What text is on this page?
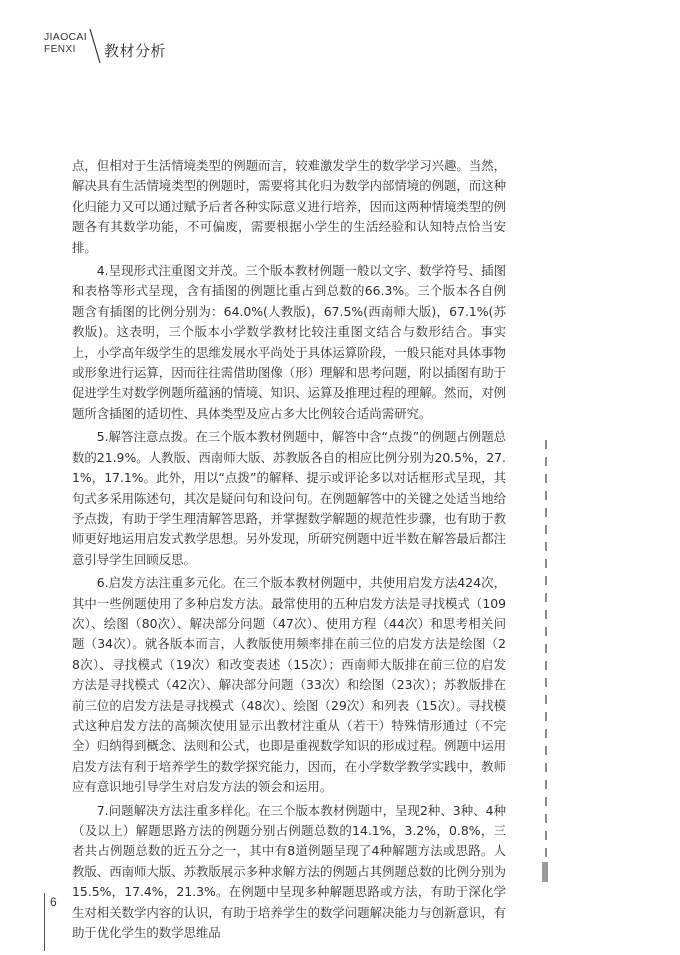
JIAOCAI
FENXI	教材分析

点，但相对于生活情境类型的例题而言，较难激发学生的数学学习兴趣。当然，解决具有生活情境类型的例题时，需要将其化归为数学内部情境的例题，而这种化归能力又可以通过赋予后者各种实际意义进行培养，因而这两种情境类型的例题各有其数学功能，不可偏废，需要根据小学生的生活经验和认知特点恰当安排。

4.呈现形式注重图文并茂。三个版本教材例题一般以文字、数学符号、插图和表格等形式呈现，含有插图的例题比重占到总数的66.3%。三个版本各自例题含有插图的比例分别为：64.0%(人教版)，67.5%(西南师大版)，67.1%(苏教版)。这表明，三个版本小学数学教材比较注重图文结合与数形结合。事实上，小学高年级学生的思维发展水平尚处于具体运算阶段，一般只能对具体事物或形象进行运算，因而往往需借助图像（形）理解和思考问题，附以插图有助于促进学生对数学例题所蕴涵的情境、知识、运算及推理过程的理解。然而，对例题所含插图的适切性、具体类型及应占多大比例较合适尚需研究。

5.解答注意点拨。在三个版本教材例题中，解答中含“点拨”的例题占例题总数的21.9%。人教版、西南师大版、苏教版各自的相应比例分别为20.5%，27.1%，17.1%。此外，用以“点拨”的解释、提示或评论多以对话框形式呈现，其句式多采用陈述句，其次是疑问句和设问句。在例题解答中的关键之处适当地给予点拨，有助于学生理清解答思路，并掌握数学解题的规范性步骤，也有助于教师更好地运用启发式教学思想。另外发现，所研究例题中近半数在解答最后都注意引导学生回顾反思。

6.启发方法注重多元化。在三个版本教材例题中，共使用启发方法424次，其中一些例题使用了多种启发方法。最常使用的五种启发方法是寻找模式（109次）、绘图（80次）、解决部分问题（47次）、使用方程（44次）和思考相关问题（34次）。就各版本而言，人教版使用频率排在前三位的启发方法是绘图（28次）、寻找模式（19次）和改变表述（15次）；西南师大版排在前三位的启发方法是寻找模式（42次）、解决部分问题（33次）和绘图（23次）；苏教版排在前三位的启发方法是寻找模式（48次）、绘图（29次）和列表（15次）。寻找模式这种启发方法的高频次使用显示出教材注重从（若干）特殊情形通过（不完全）归纳得到概念、法则和公式，也即是重视数学知识的形成过程。例题中运用启发方法有利于培养学生的数学探究能力，因而，在小学数学教学实践中，教师应有意识地引导学生对启发方法的领会和运用。

7.问题解决方法注重多样化。在三个版本教材例题中，呈现2种、3种、4种（及以上）解题思路方法的例题分别占例题总数的14.1%，3.2%，0.8%，三者共占例题总数的近五分之一，其中有8道例题呈现了4种解题方法或思路。人教版、西南师大版、苏教版展示多种求解方法的例题占其例题总数的比例分别为15.5%，17.4%，21.3%。在例题中呈现多种解题思路或方法，有助于深化学生对相关数学内容的认识，有助于培养学生的数学问题解决能力与创新意识，有助于优化学生的数学思维品

6
